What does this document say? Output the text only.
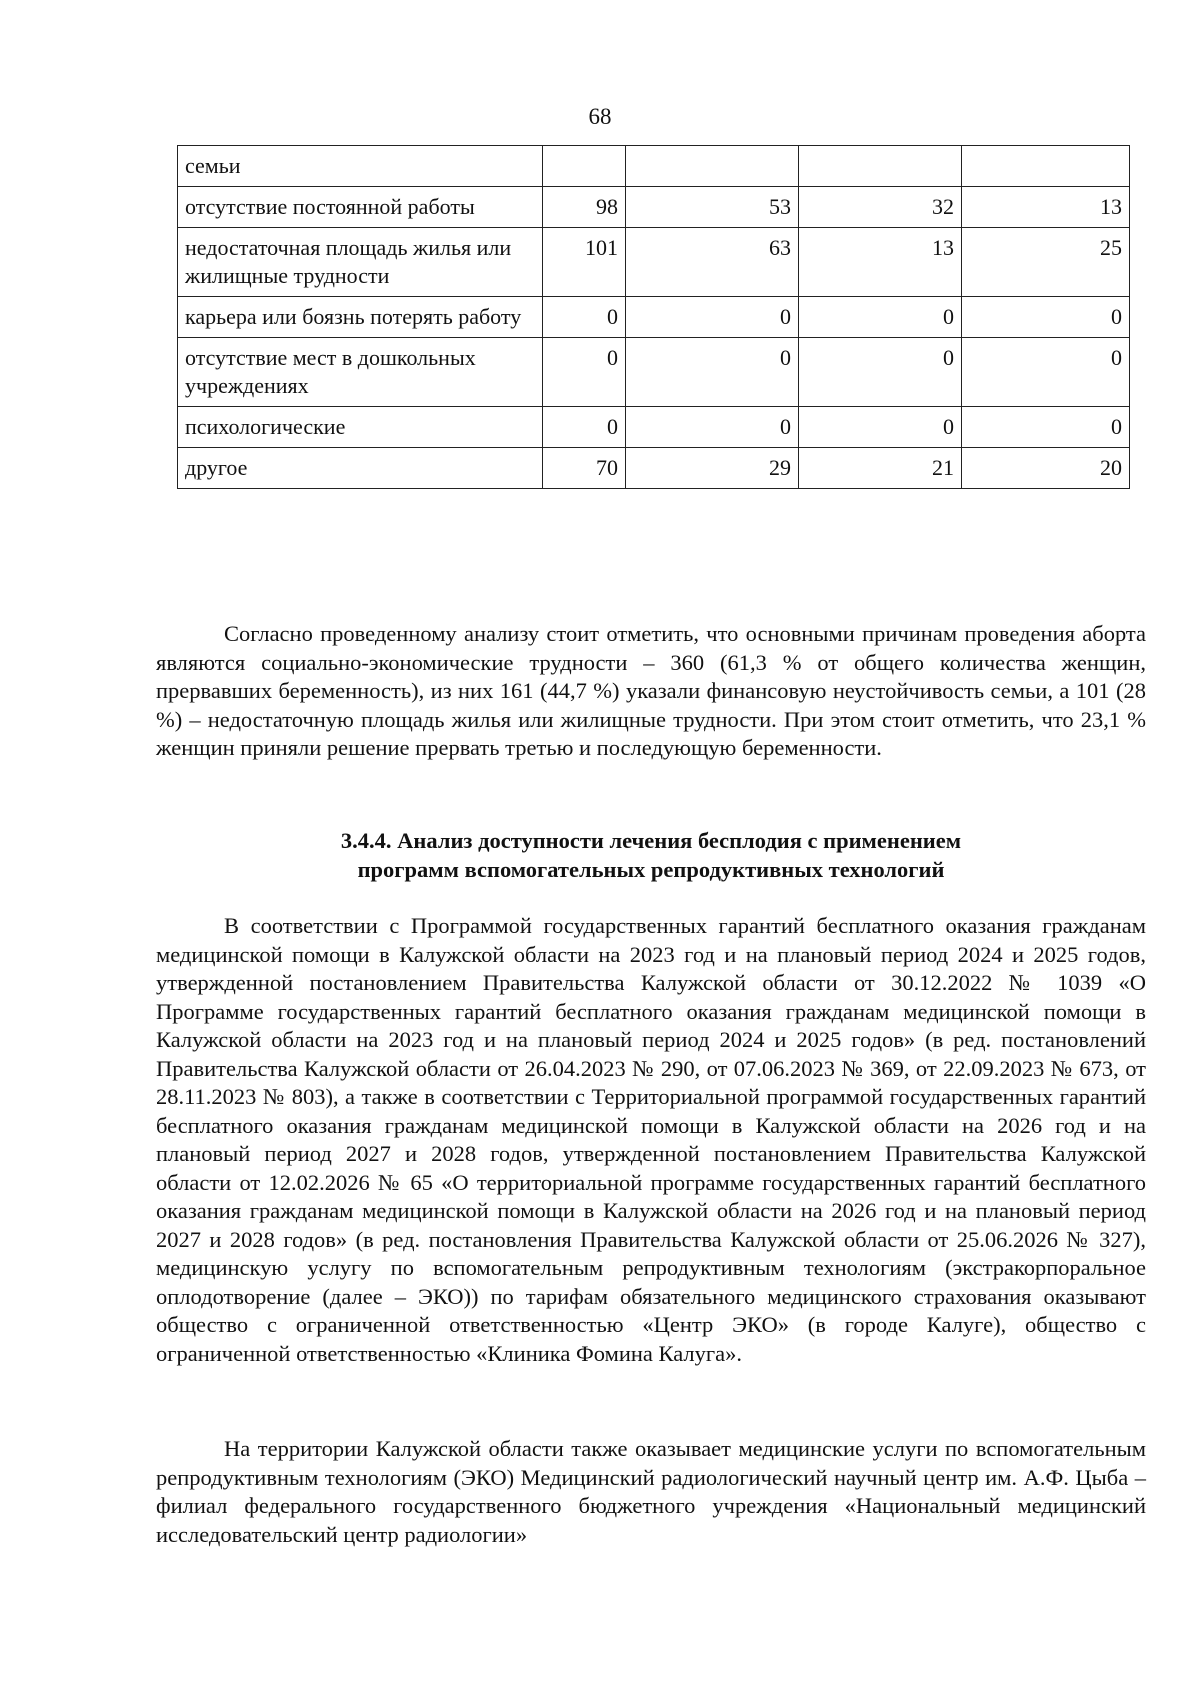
68
семьи				
отсутствие постоянной работы	98	53	32	13
недостаточная площадь жилья или жилищные трудности	101	63	13	25
карьера или боязнь потерять работу	0	0	0	0
отсутствие мест в дошкольных учреждениях	0	0	0	0
психологические	0	0	0	0
другое	70	29	21	20

Согласно проведенному анализу стоит отметить, что основными причинам проведения аборта являются социально-экономические трудности – 360 (61,3 % от общего количества женщин, прервавших беременность), из них 161 (44,7 %) указали финансовую неустойчивость семьи, а 101 (28 %) – недостаточную площадь жилья или жилищные трудности. При этом стоит отметить, что 23,1 % женщин приняли решение прервать третью и последующую беременности.

3.4.4. Анализ доступности лечения бесплодия с применением
программ вспомогательных репродуктивных технологий

В соответствии с Программой государственных гарантий бесплатного оказания гражданам медицинской помощи в Калужской области на 2023 год и на плановый период 2024 и 2025 годов, утвержденной постановлением Правительства Калужской области от 30.12.2022 № 1039 «О Программе государственных гарантий бесплатного оказания гражданам медицинской помощи в Калужской области на 2023 год и на плановый период 2024 и 2025 годов» (в ред. постановлений Правительства Калужской области от 26.04.2023 № 290, от 07.06.2023 № 369, от 22.09.2023 № 673, от 28.11.2023 № 803), а также в соответствии с Территориальной программой государственных гарантий бесплатного оказания гражданам медицинской помощи в Калужской области на 2026 год и на плановый период 2027 и 2028 годов, утвержденной постановлением Правительства Калужской области от 12.02.2026 № 65 «О территориальной программе государственных гарантий бесплатного оказания гражданам медицинской помощи в Калужской области на 2026 год и на плановый период 2027 и 2028 годов» (в ред. постановления Правительства Калужской области от 25.06.2026 № 327), медицинскую услугу по вспомогательным репродуктивным технологиям (экстракорпоральное оплодотворение (далее – ЭКО)) по тарифам обязательного медицинского страхования оказывают общество с ограниченной ответственностью «Центр ЭКО» (в городе Калуге), общество с ограниченной ответственностью «Клиника Фомина Калуга».

На территории Калужской области также оказывает медицинские услуги по вспомогательным репродуктивным технологиям (ЭКО) Медицинский радиологический научный центр им. А.Ф. Цыба – филиал федерального государственного бюджетного учреждения «Национальный медицинский исследовательский центр радиологии»
